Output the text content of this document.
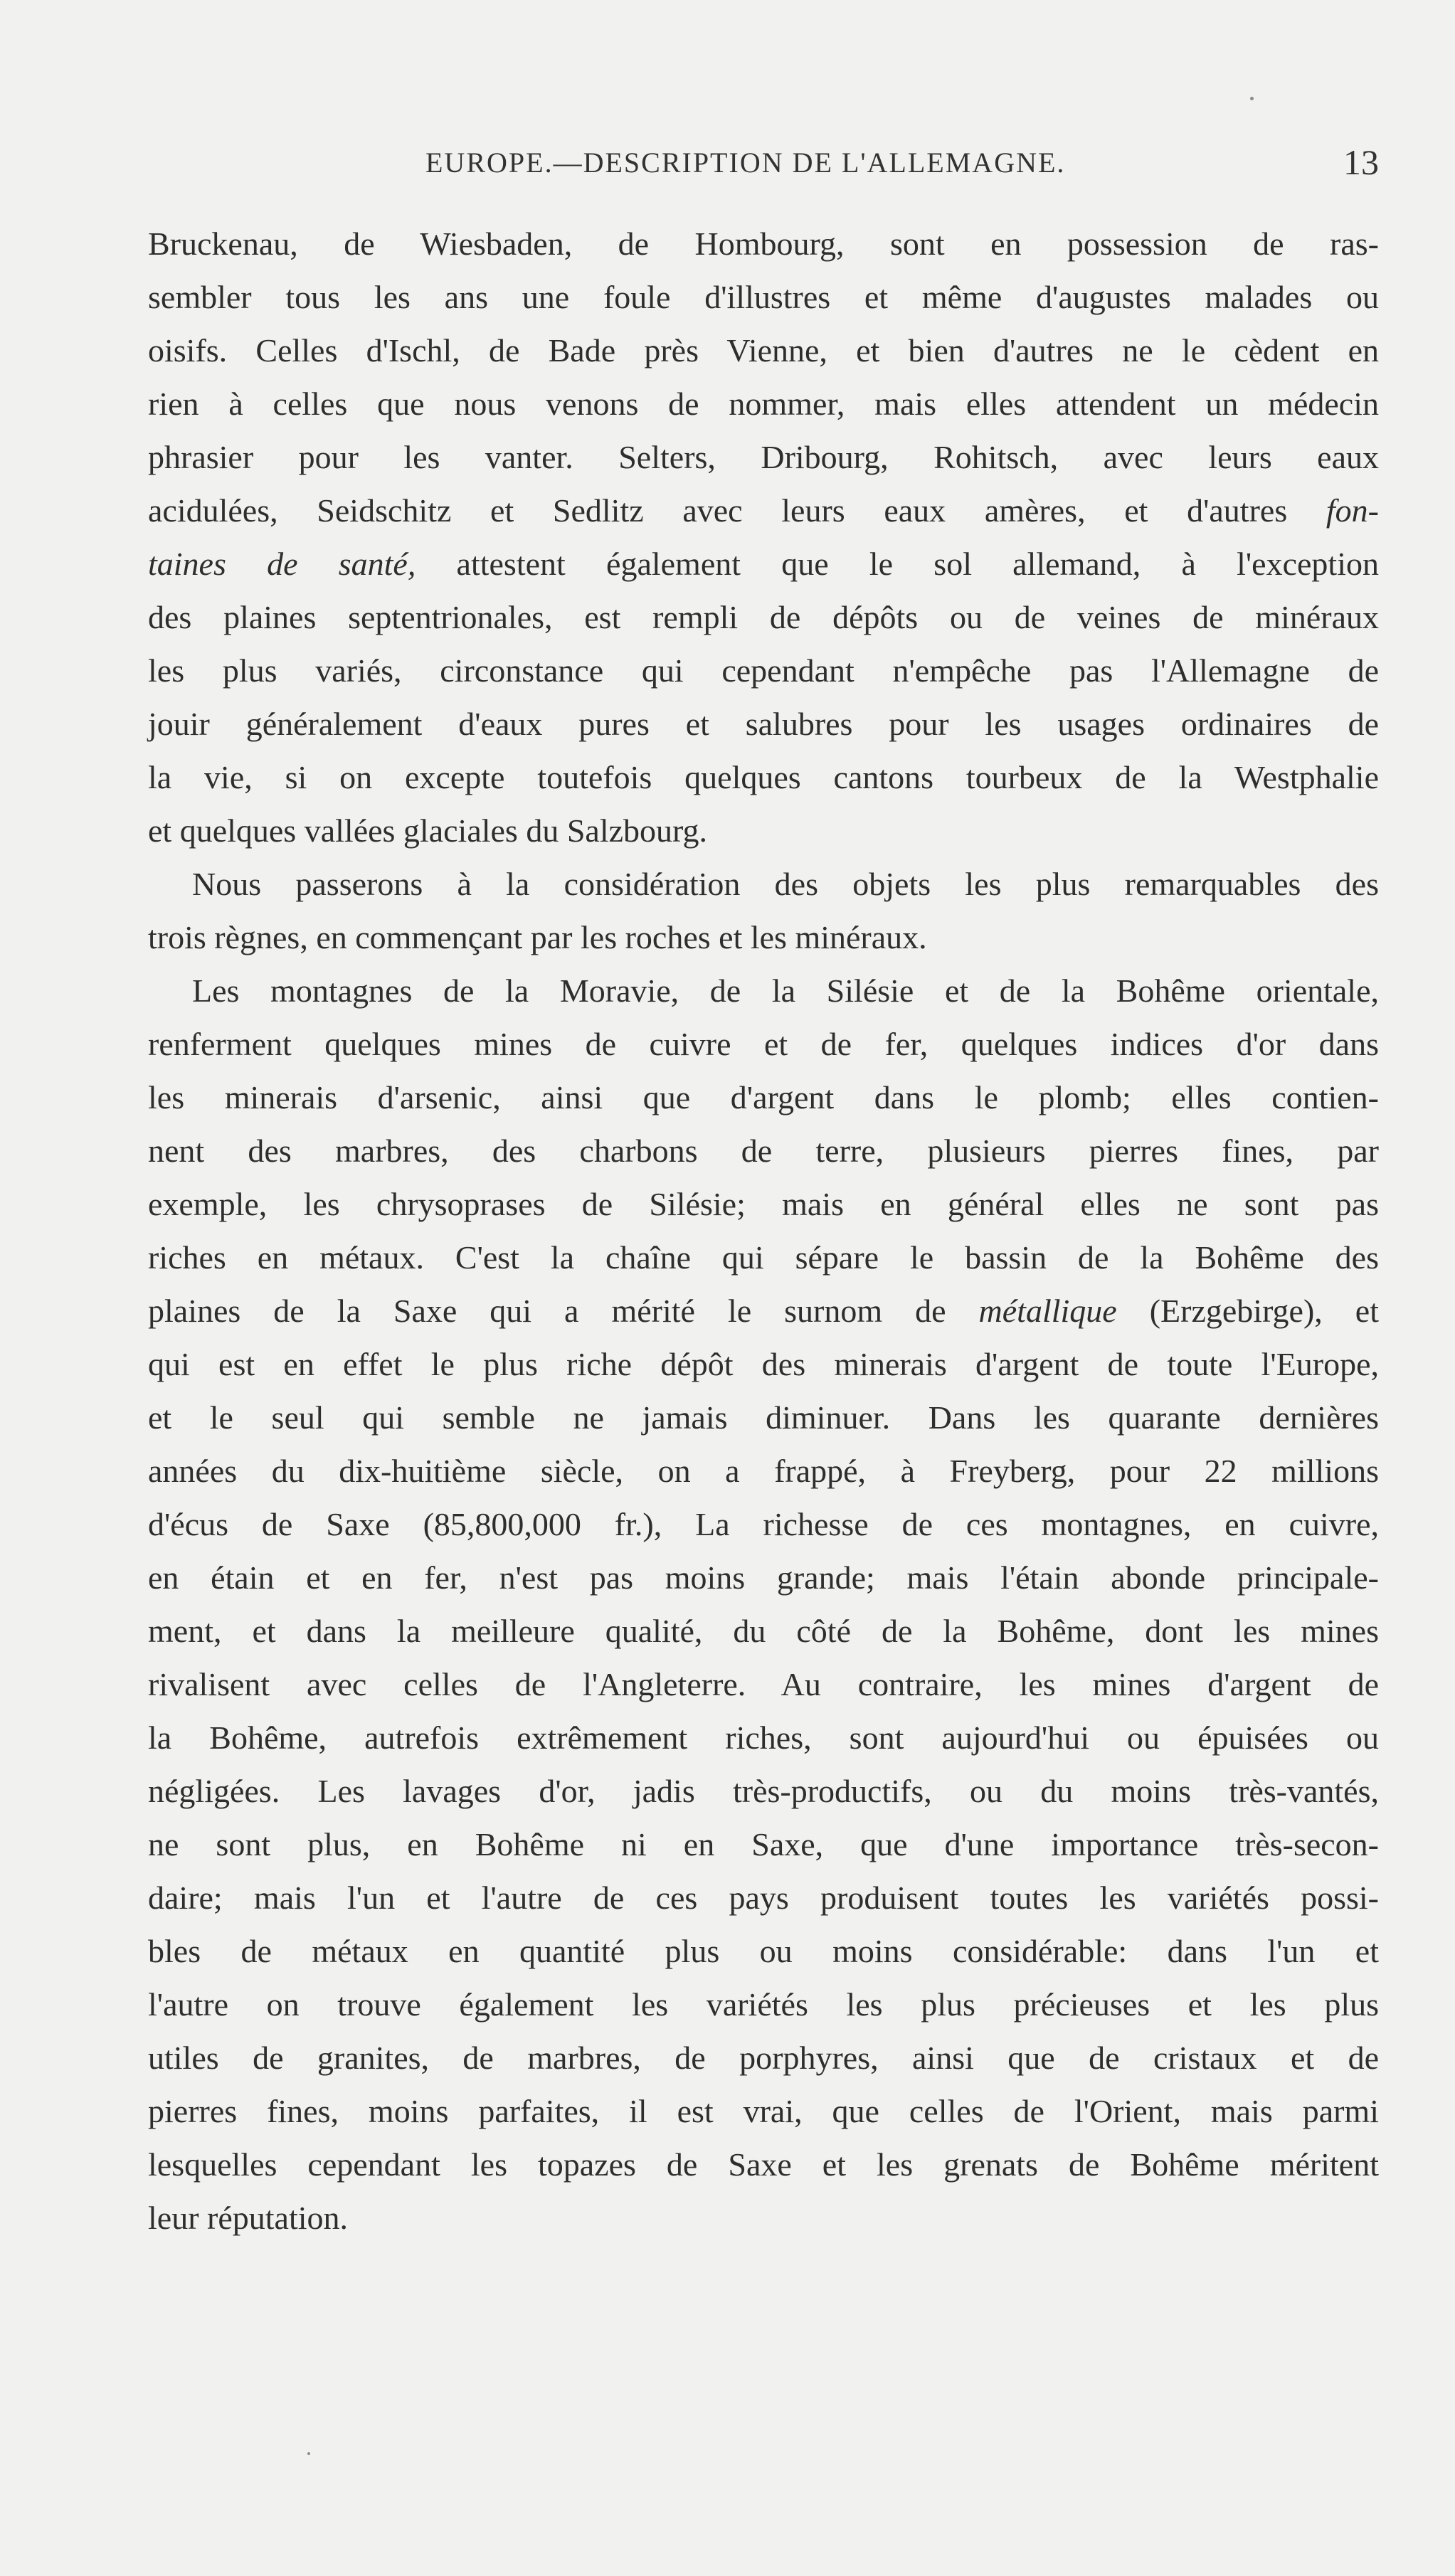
EUROPE.—DESCRIPTION DE L'ALLEMAGNE.	13
Bruckenau, de Wiesbaden, de Hombourg, sont en possession de ras-
sembler tous les ans une foule d'illustres et même d'augustes malades ou
oisifs. Celles d'Ischl, de Bade près Vienne, et bien d'autres ne le cèdent en
rien à celles que nous venons de nommer, mais elles attendent un médecin
phrasier pour les vanter. Selters, Dribourg, Rohitsch, avec leurs eaux
acidulées, Seidschitz et Sedlitz avec leurs eaux amères, et d'autres fon-
taines de santé, attestent également que le sol allemand, à l'exception
des plaines septentrionales, est rempli de dépôts ou de veines de minéraux
les plus variés, circonstance qui cependant n'empêche pas l'Allemagne de
jouir généralement d'eaux pures et salubres pour les usages ordinaires de
la vie, si on excepte toutefois quelques cantons tourbeux de la Westphalie
et quelques vallées glaciales du Salzbourg.
Nous passerons à la considération des objets les plus remarquables des
trois règnes, en commençant par les roches et les minéraux.
Les montagnes de la Moravie, de la Silésie et de la Bohême orientale,
renferment quelques mines de cuivre et de fer, quelques indices d'or dans
les minerais d'arsenic, ainsi que d'argent dans le plomb; elles contien-
nent des marbres, des charbons de terre, plusieurs pierres fines, par
exemple, les chrysoprases de Silésie; mais en général elles ne sont pas
riches en métaux. C'est la chaîne qui sépare le bassin de la Bohême des
plaines de la Saxe qui a mérité le surnom de métallique (Erzgebirge), et
qui est en effet le plus riche dépôt des minerais d'argent de toute l'Europe,
et le seul qui semble ne jamais diminuer. Dans les quarante dernières
années du dix-huitième siècle, on a frappé, à Freyberg, pour 22 millions
d'écus de Saxe (85,800,000 fr.), La richesse de ces montagnes, en cuivre,
en étain et en fer, n'est pas moins grande; mais l'étain abonde principale-
ment, et dans la meilleure qualité, du côté de la Bohême, dont les mines
rivalisent avec celles de l'Angleterre. Au contraire, les mines d'argent de
la Bohême, autrefois extrêmement riches, sont aujourd'hui ou épuisées ou
négligées. Les lavages d'or, jadis très-productifs, ou du moins très-vantés,
ne sont plus, en Bohême ni en Saxe, que d'une importance très-secon-
daire; mais l'un et l'autre de ces pays produisent toutes les variétés possi-
bles de métaux en quantité plus ou moins considérable: dans l'un et
l'autre on trouve également les variétés les plus précieuses et les plus
utiles de granites, de marbres, de porphyres, ainsi que de cristaux et de
pierres fines, moins parfaites, il est vrai, que celles de l'Orient, mais parmi
lesquelles cependant les topazes de Saxe et les grenats de Bohême méritent
leur réputation.
